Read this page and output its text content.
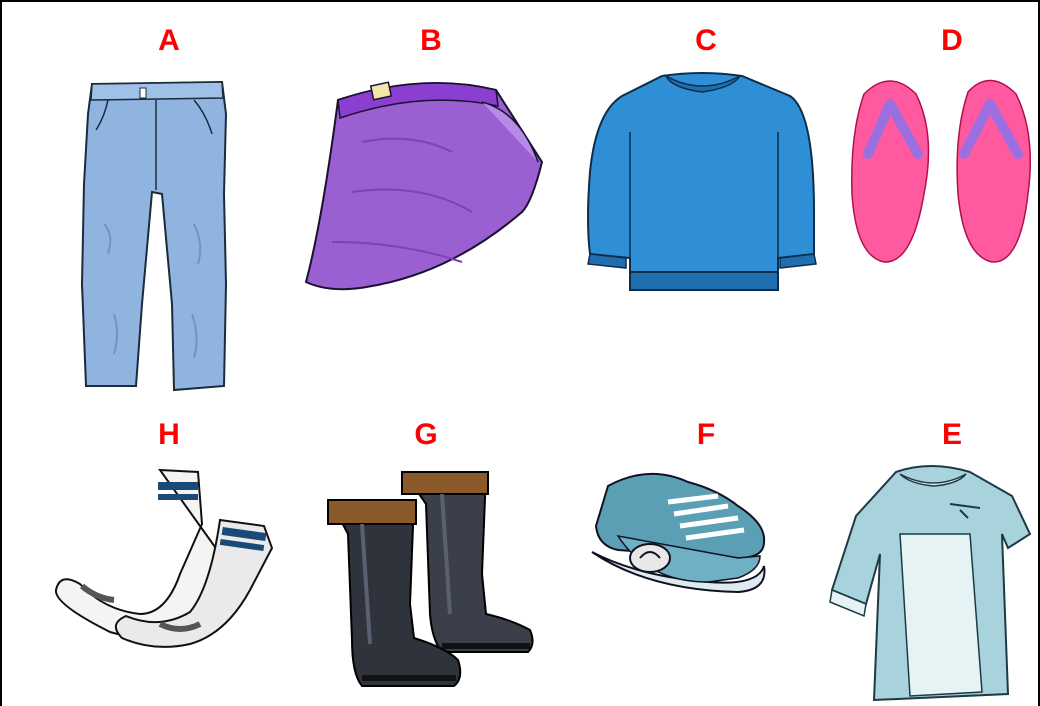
A	B	C	D
H	G	F	E
